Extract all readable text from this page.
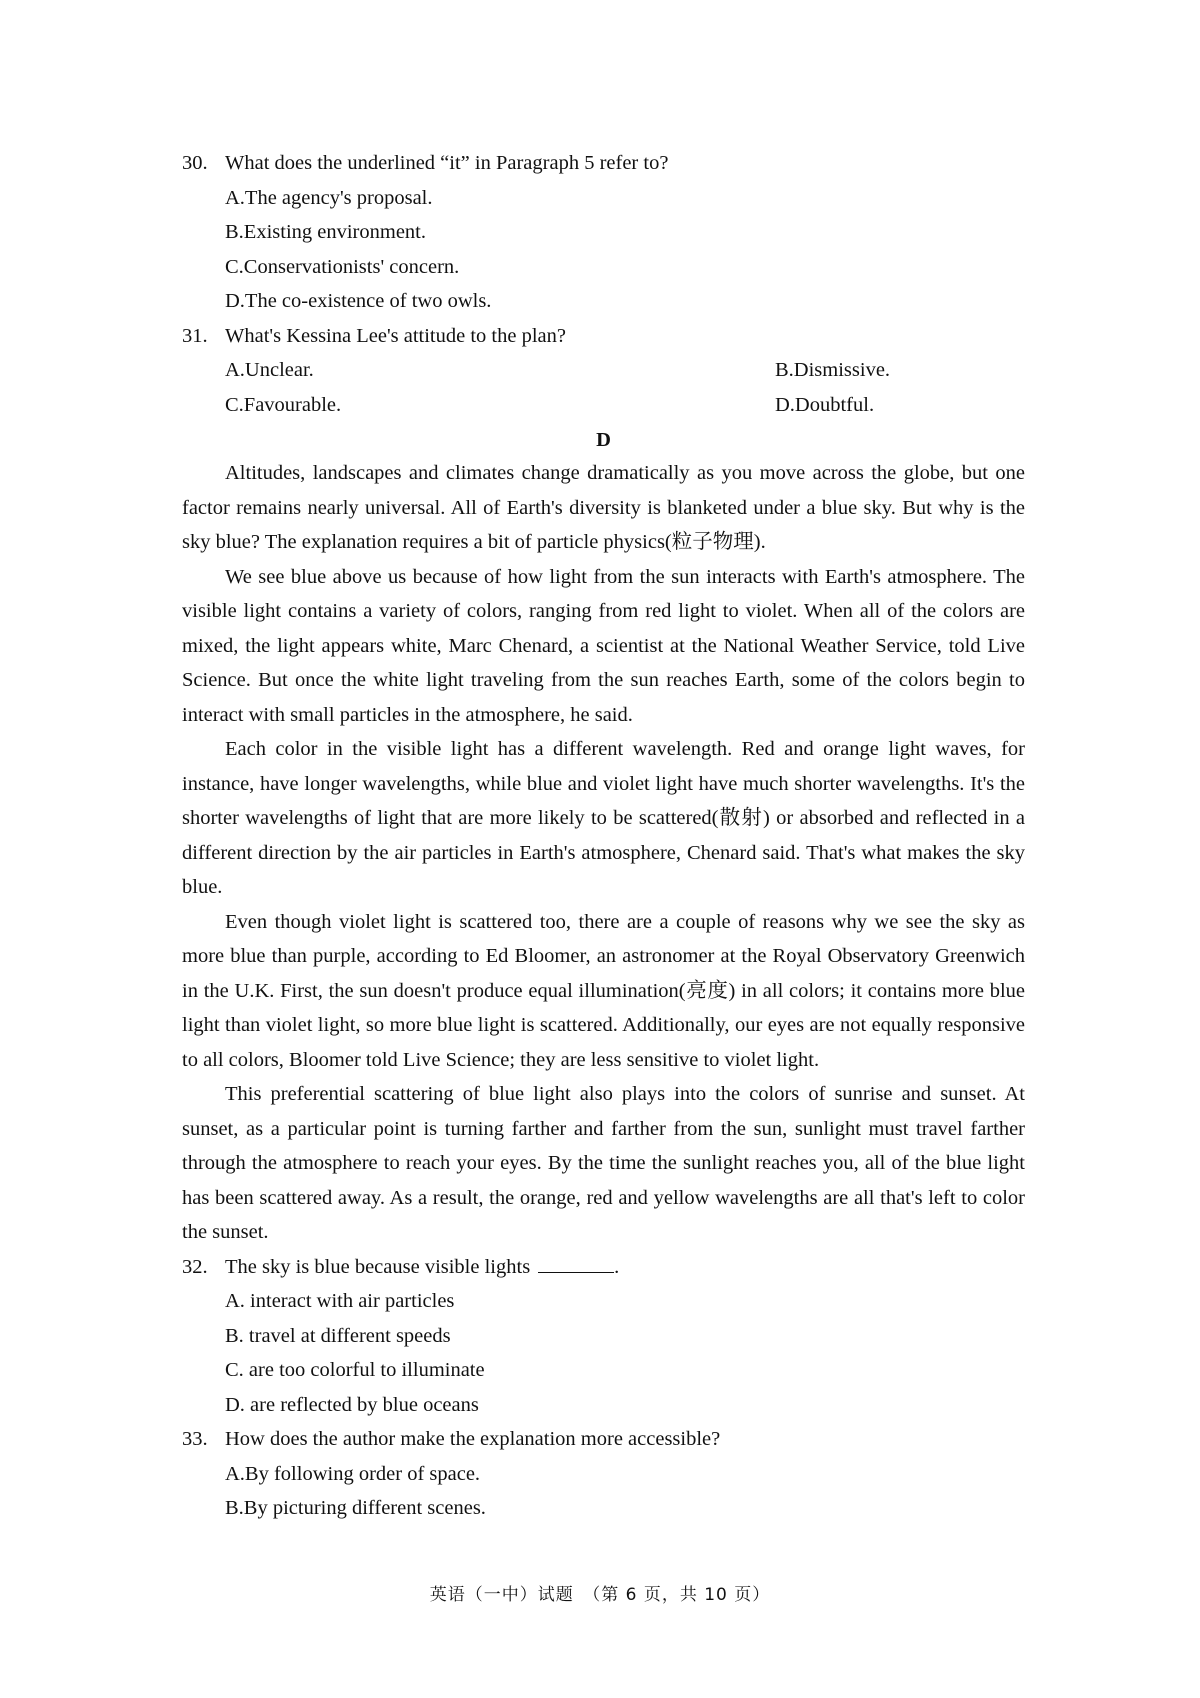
30. What does the underlined “it” in Paragraph 5 refer to?
A.The agency's proposal.
B.Existing environment.
C.Conservationists' concern.
D.The co-existence of two owls.
31. What's Kessina Lee's attitude to the plan?
A.Unclear.	B.Dismissive.
C.Favourable.	D.Doubtful.
D

Altitudes, landscapes and climates change dramatically as you move across the globe, but one factor remains nearly universal. All of Earth's diversity is blanketed under a blue sky. But why is the sky blue? The explanation requires a bit of particle physics(粒子物理).

We see blue above us because of how light from the sun interacts with Earth's atmosphere. The visible light contains a variety of colors, ranging from red light to violet. When all of the colors are mixed, the light appears white, Marc Chenard, a scientist at the National Weather Service, told Live Science. But once the white light traveling from the sun reaches Earth, some of the colors begin to interact with small particles in the atmosphere, he said.

Each color in the visible light has a different wavelength. Red and orange light waves, for instance, have longer wavelengths, while blue and violet light have much shorter wavelengths. It's the shorter wavelengths of light that are more likely to be scattered(散射) or absorbed and reflected in a different direction by the air particles in Earth's atmosphere, Chenard said. That's what makes the sky blue.

Even though violet light is scattered too, there are a couple of reasons why we see the sky as more blue than purple, according to Ed Bloomer, an astronomer at the Royal Observatory Greenwich in the U.K. First, the sun doesn't produce equal illumination(亮度) in all colors; it contains more blue light than violet light, so more blue light is scattered. Additionally, our eyes are not equally responsive to all colors, Bloomer told Live Science; they are less sensitive to violet light.

This preferential scattering of blue light also plays into the colors of sunrise and sunset. At sunset, as a particular point is turning farther and farther from the sun, sunlight must travel farther through the atmosphere to reach your eyes. By the time the sunlight reaches you, all of the blue light has been scattered away. As a result, the orange, red and yellow wavelengths are all that's left to color the sunset.

32. The sky is blue because visible lights	.
A. interact with air particles
B. travel at different speeds
C. are too colorful to illuminate
D. are reflected by blue oceans
33. How does the author make the explanation more accessible?
A.By following order of space.
B.By picturing different scenes.
英语（一中）试题　（第 6 页，共 10 页）
